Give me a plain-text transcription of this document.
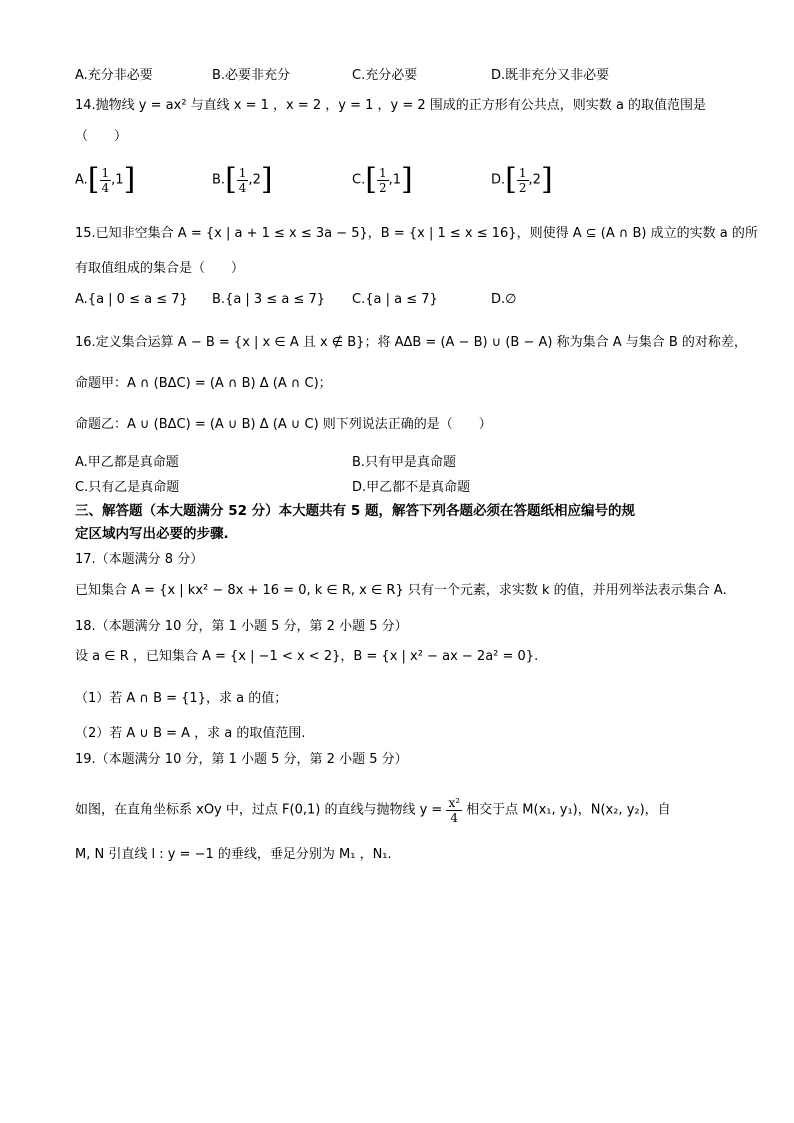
A.充分非必要	B.必要非充分	C.充分必要	D.既非充分又非必要
14.抛物线 y = ax² 与直线 x = 1 ，x = 2 ，y = 1 ，y = 2 围成的正方形有公共点，则实数 a 的取值范围是
（　　）
$A.[ \frac{1}{4} ,1]$	$B.[ \frac{1}{4} ,2]$	$C.[ \frac{1}{2} ,1]$	$D.[ \frac{1}{2} ,2]$
15.已知非空集合 A = {x | a + 1 ≤ x ≤ 3a − 5}，B = {x | 1 ≤ x ≤ 16}，则使得 A ⊆ (A ∩ B) 成立的实数 a 的所
有取值组成的集合是（　　）
A.{a | 0 ≤ a ≤ 7} B.{a | 3 ≤ a ≤ 7} C.{a | a ≤ 7}	D.∅
16.定义集合运算 A − B = {x | x ∈ A 且 x ∉ B}；将 AΔB = (A − B) ∪ (B − A) 称为集合 A 与集合 B 的对称差，
命题甲：A ∩ (BΔC) = (A ∩ B) Δ (A ∩ C)；
命题乙：A ∪ (BΔC) = (A ∪ B) Δ (A ∪ C) 则下列说法正确的是（　　）
A.甲乙都是真命题	B.只有甲是真命题
C.只有乙是真命题	D.甲乙都不是真命题
三、解答题（本大题满分 52 分）本大题共有 5 题，解答下列各题必须在答题纸相应编号的规
定区域内写出必要的步骤.
17.（本题满分 8 分）
已知集合 A = {x | kx² − 8x + 16 = 0, k ∈ R, x ∈ R} 只有一个元素，求实数 k 的值，并用列举法表示集合 A.
18.（本题满分 10 分，第 1 小题 5 分，第 2 小题 5 分）
设 a ∈ R ，已知集合 A = {x | −1 < x < 2}，B = {x | x² − ax − 2a² = 0}.
（1）若 A ∩ B = {1}，求 a 的值；
（2）若 A ∪ B = A ，求 a 的取值范围.
19.（本题满分 10 分，第 1 小题 5 分，第 2 小题 5 分）
如图，在直角坐标系 xOy 中，过点 F(0,1) 的直线与抛物线 $y = \frac{\text{x²}}{4}$ 相交于点 M(x₁, y₁)，N(x₂, y₂)，自
M, N 引直线 l : y = −1 的垂线，垂足分别为 M₁ ，N₁.
